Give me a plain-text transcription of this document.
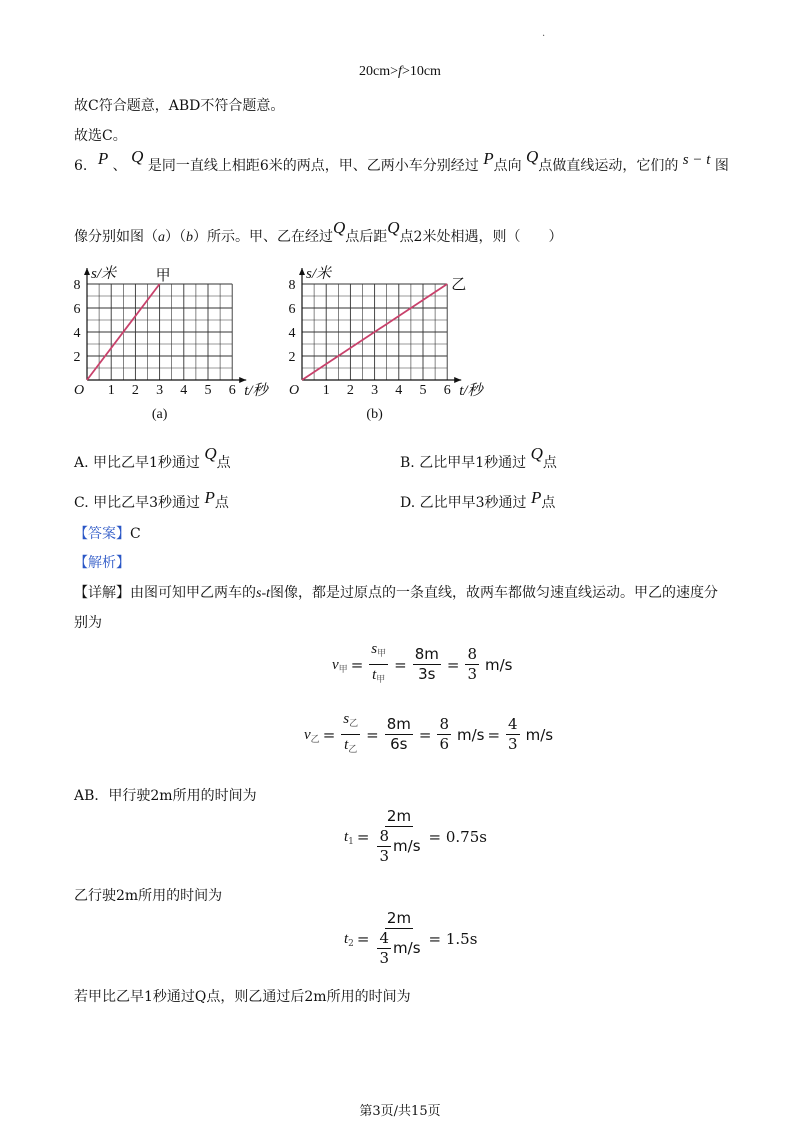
.
20cm>f>10cm
故C符合题意，ABD不符合题意。
故选C。
6. P 、 Q 是同一直线上相距6米的两点，甲、乙两小车分别经过 P点向 Q点做直线运动，它们的 s − t 图
像分别如图（a）（b）所示。甲、乙在经过Q点后距Q点2米处相遇，则（　　）
O 1 2 3 4 5 6
2
4
6
8
s/米
t/秒
甲
(a)
O 1 2 3 4 5 6
2
4
6
8
s/米
t/秒
乙
(b)
A. 甲比乙早1秒通过 Q点	B. 乙比甲早1秒通过 Q点
C. 甲比乙早3秒通过 P点	D. 乙比甲早3秒通过 P点
【答案】C
【解析】
【详解】由图可知甲乙两车的s-t图像，都是过原点的一条直线，故两车都做匀速直线运动。甲乙的速度分
别为
$v_甲 = \frac{s_甲}{t_甲} = \frac{8m}{3s} = \frac{8}{3} m/s$
$v_乙 = \frac{s_乙}{t_乙} = \frac{8m}{6s} = \frac{8}{6} m/s = \frac{4}{3} m/s$
AB．甲行驶2m所用的时间为
$t_1 = \frac{2m}{\frac{8}{3} m/s} = 0.75s$
乙行驶2m所用的时间为
$t_2 = \frac{2m}{\frac{4}{3} m/s} = 1.5s$
若甲比乙早1秒通过Q点，则乙通过后2m所用的时间为
第3页/共15页
